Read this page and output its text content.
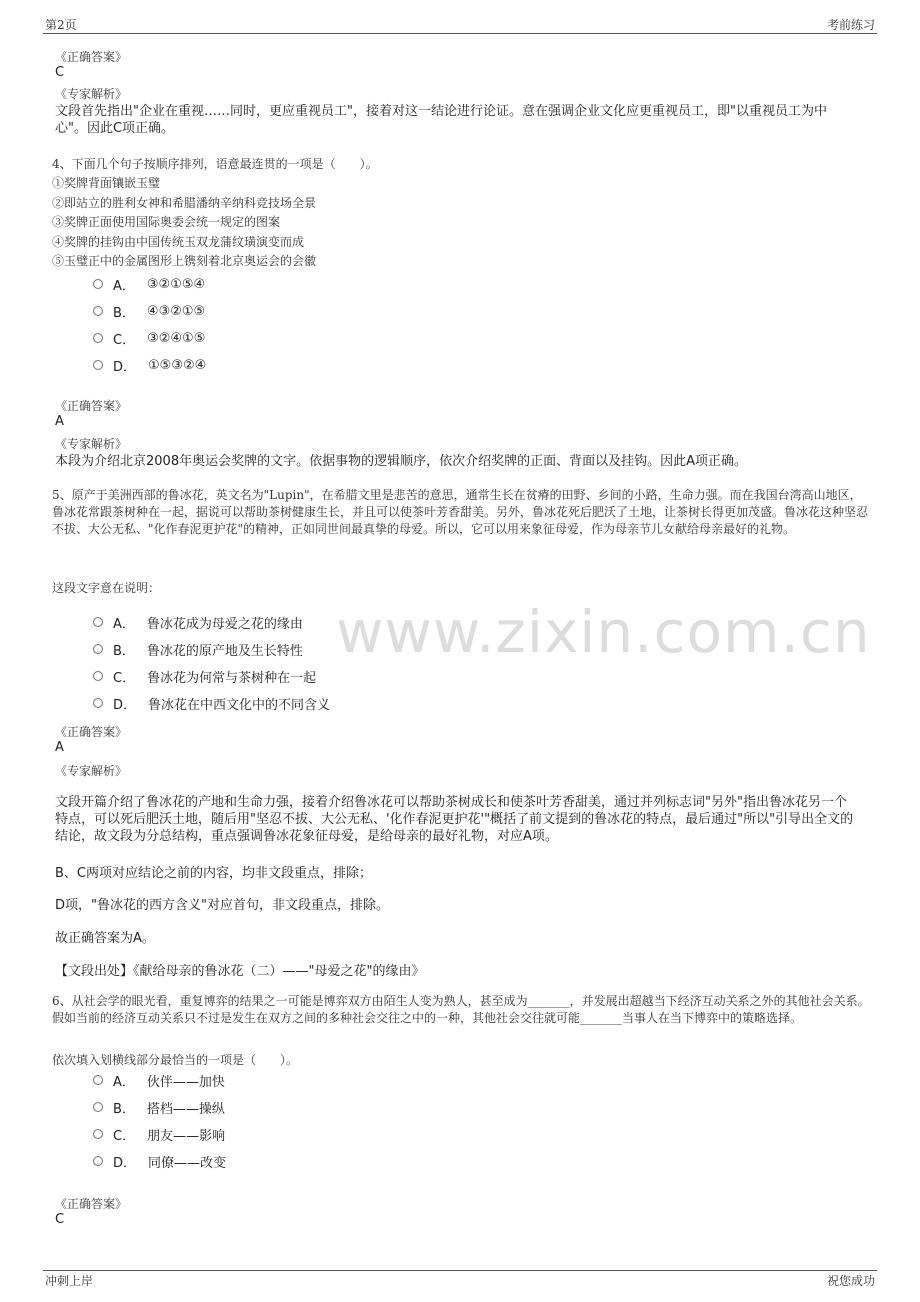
第2页	考前练习
《正确答案》
C
《专家解析》
文段首先指出"企业在重视……同时，更应重视员工"，接着对这一结论进行论证。意在强调企业文化应更重视员工，即"以重视员工为中心"。因此C项正确。
4、下面几个句子按顺序排列，语意最连贯的一项是（　　）。
①奖牌背面镶嵌玉璧
②即站立的胜利女神和希腊潘纳辛纳科竞技场全景
③奖牌正面使用国际奥委会统一规定的图案
④奖牌的挂钩由中国传统玉双龙蒲纹璜演变而成
⑤玉璧正中的金属图形上镌刻着北京奥运会的会徽
A． ③②①⑤④
B． ④③②①⑤
C． ③②④①⑤
D． ①⑤③②④
《正确答案》
A
《专家解析》
本段为介绍北京2008年奥运会奖牌的文字。依据事物的逻辑顺序，依次介绍奖牌的正面、背面以及挂钩。因此A项正确。
5、原产于美洲西部的鲁冰花，英文名为"Lupin"，在希腊文里是悲苦的意思，通常生长在贫瘠的田野、乡间的小路，生命力强。而在我国台湾高山地区，鲁冰花常跟茶树种在一起，据说可以帮助茶树健康生长，并且可以使茶叶芳香甜美。另外，鲁冰花死后肥沃了土地，让茶树长得更加茂盛。鲁冰花这种坚忍不拔、大公无私、"化作春泥更护花"的精神，正如同世间最真挚的母爱。所以，它可以用来象征母爱，作为母亲节儿女献给母亲最好的礼物。
这段文字意在说明：
A． 鲁冰花成为母爱之花的缘由
B． 鲁冰花的原产地及生长特性
C． 鲁冰花为何常与茶树种在一起
D． 鲁冰花在中西文化中的不同含义
《正确答案》
A
《专家解析》
文段开篇介绍了鲁冰花的产地和生命力强，接着介绍鲁冰花可以帮助茶树成长和使茶叶芳香甜美，通过并列标志词"另外"指出鲁冰花另一个特点，可以死后肥沃土地，随后用"坚忍不拔、大公无私、'化作春泥更护花'"概括了前文提到的鲁冰花的特点，最后通过"所以"引导出全文的结论，故文段为分总结构，重点强调鲁冰花象征母爱，是给母亲的最好礼物，对应A项。
B、C两项对应结论之前的内容，均非文段重点，排除；
D项，"鲁冰花的西方含义"对应首句，非文段重点，排除。
故正确答案为A。
【文段出处】《献给母亲的鲁冰花（二）——"母爱之花"的缘由》
6、从社会学的眼光看，重复博弈的结果之一可能是博弈双方由陌生人变为熟人，甚至成为_______，并发展出超越当下经济互动关系之外的其他社会关系。假如当前的经济互动关系只不过是发生在双方之间的多种社会交往之中的一种，其他社会交往就可能_______当事人在当下博弈中的策略选择。
依次填入划横线部分最恰当的一项是（　　）。
A． 伙伴——加快
B． 搭档——操纵
C． 朋友——影响
D． 同僚——改变
《正确答案》
C
www.zixin.com.cn
冲刺上岸	祝您成功
